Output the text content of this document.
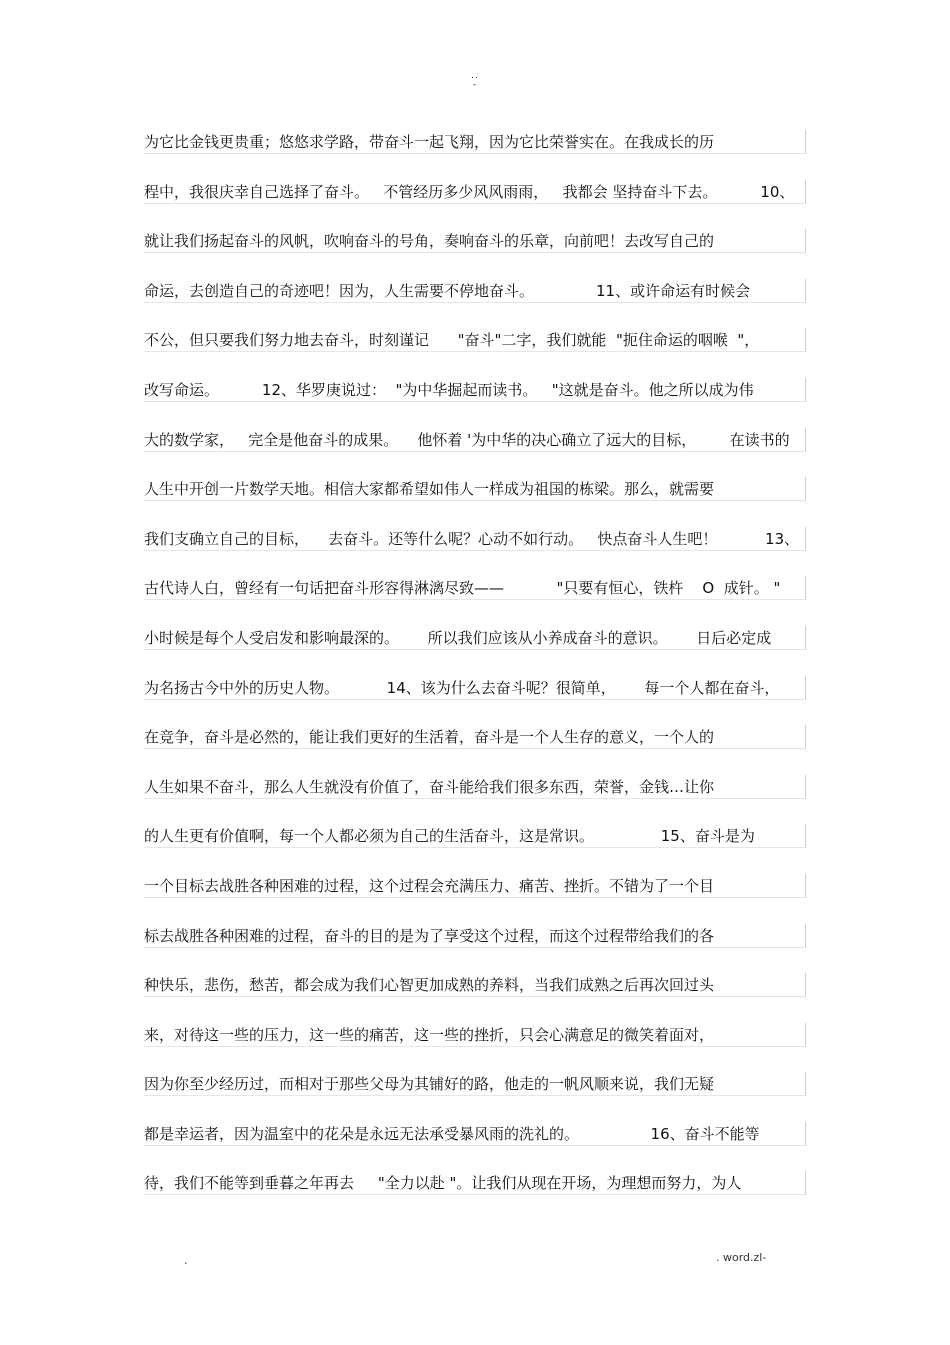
..
-
为它比金钱更贵重；悠悠求学路，带奋斗一起飞翔，因为它比荣誉实在。在我成长的历
程中，我很庆幸自己选择了奋斗。   不管经历多少风风雨雨，   我都会 坚持奋斗下去。         10、
就让我们扬起奋斗的风帆，吹响奋斗的号角，奏响奋斗的乐章，向前吧！去改写自己的
命运，去创造自己的奇迹吧！因为，人生需要不停地奋斗。             11、或许命运有时候会
不公，但只要我们努力地去奋斗，时刻谨记      "奋斗"二字，我们就能  "扼住命运的咽喉  "，
改写命运。         12、华罗庚说过：  "为中华掘起而读书。   "这就是奋斗。他之所以成为伟
大的数学家，   完全是他奋斗的成果。    他怀着 '为中华的决心确立了远大的目标，       在读书的
人生中开创一片数学天地。相信大家都希望如伟人一样成为祖国的栋梁。那么，就需要
我们支确立自己的目标，    去奋斗。还等什么呢？心动不如行动。   快点奋斗人生吧！          13、
古代诗人白，曾经有一句话把奋斗形容得淋漓尽致——           "只要有恒心，铁杵    O  成针。 "
小时候是每个人受启发和影响最深的。      所以我们应该从小养成奋斗的意识。      日后必定成
为名扬古今中外的历史人物。          14、该为什么去奋斗呢？很简单，      每一个人都在奋斗，
在竞争，奋斗是必然的，能让我们更好的生活着，奋斗是一个人生存的意义，一个人的
人生如果不奋斗，那么人生就没有价值了，奋斗能给我们很多东西，荣誉，金钱…让你
的人生更有价值啊，每一个人都必须为自己的生活奋斗，这是常识。              15、奋斗是为
一个目标去战胜各种困难的过程，这个过程会充满压力、痛苦、挫折。不错为了一个目
标去战胜各种困难的过程，奋斗的目的是为了享受这个过程，而这个过程带给我们的各
种快乐，悲伤，愁苦，都会成为我们心智更加成熟的养料，当我们成熟之后再次回过头
来，对待这一些的压力，这一些的痛苦，这一些的挫折，只会心满意足的微笑着面对，
因为你至少经历过，而相对于那些父母为其铺好的路，他走的一帆风顺来说，我们无疑
都是幸运者，因为温室中的花朵是永远无法承受暴风雨的洗礼的。               16、奋斗不能等
待，我们不能等到垂暮之年再去     "全力以赴 "。让我们从现在开场，为理想而努力，为人
.	. word.zl-
